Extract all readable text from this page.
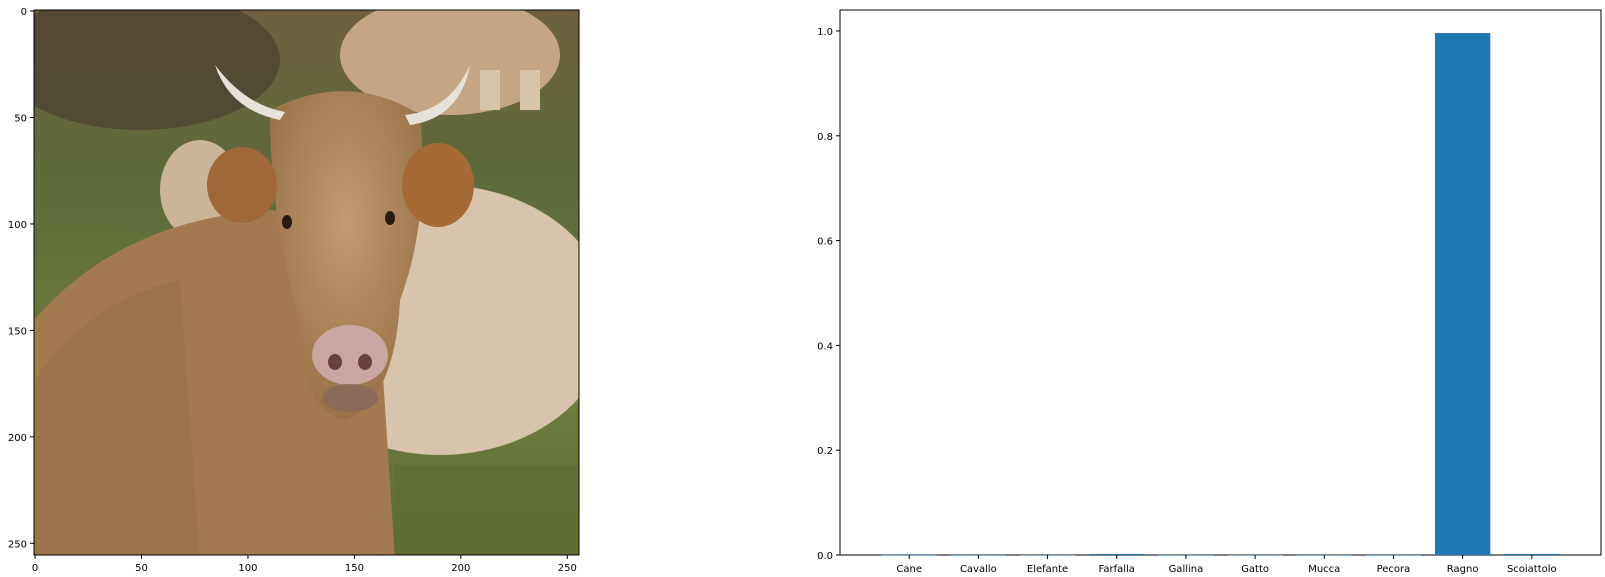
0	50	100	150	200	250
0
50
100
150
200
250
Cane	Cavallo	Elefante	Farfalla	Gallina	Gatto	Mucca	Pecora	Ragno	Scoiattolo
0.0
0.2
0.4
0.6
0.8
1.0
